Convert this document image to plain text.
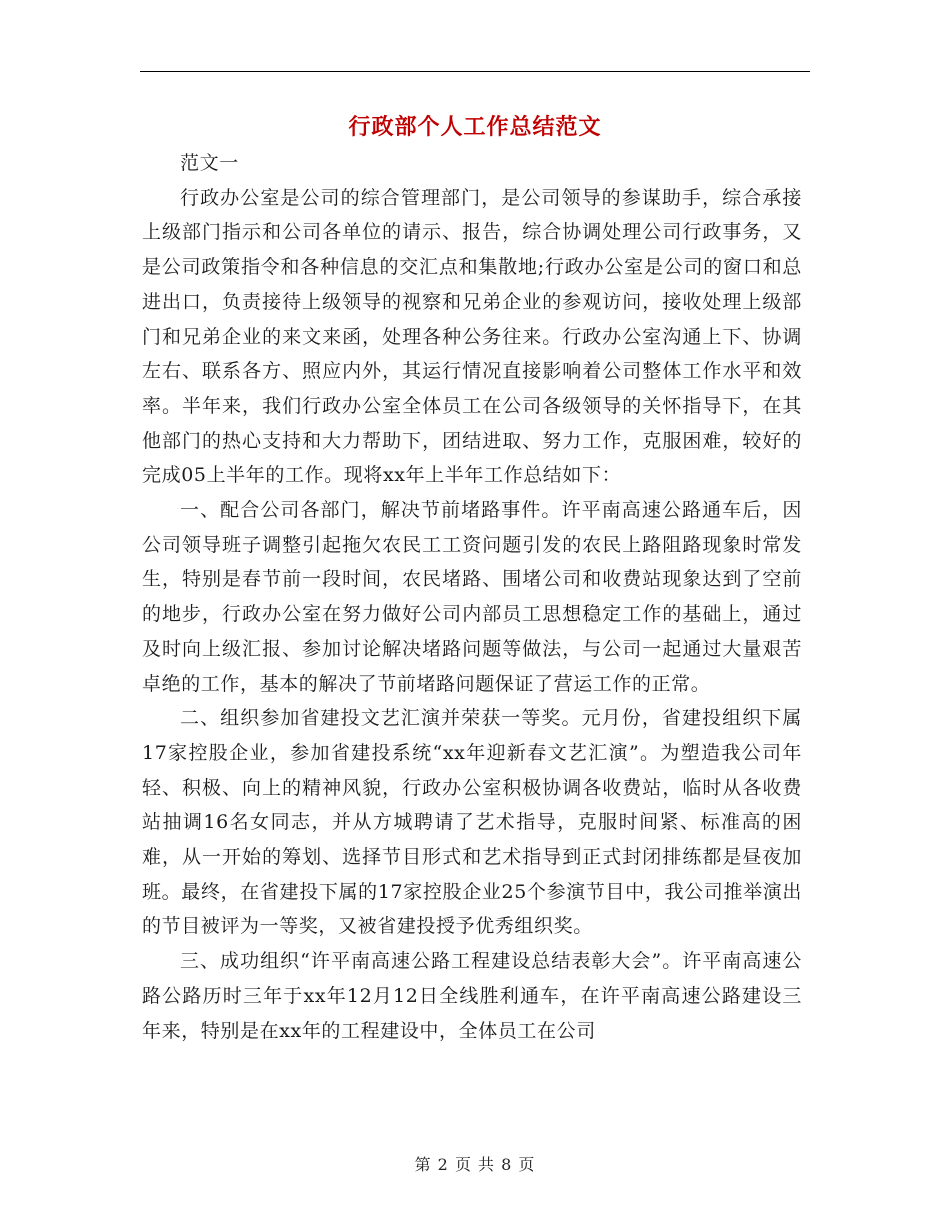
行政部个人工作总结范文

范文一

行政办公室是公司的综合管理部门，是公司领导的参谋助手，综合承接上级部门指示和公司各单位的请示、报告，综合协调处理公司行政事务，又是公司政策指令和各种信息的交汇点和集散地;行政办公室是公司的窗口和总进出口，负责接待上级领导的视察和兄弟企业的参观访问，接收处理上级部门和兄弟企业的来文来函，处理各种公务往来。行政办公室沟通上下、协调左右、联系各方、照应内外，其运行情况直接影响着公司整体工作水平和效率。半年来，我们行政办公室全体员工在公司各级领导的关怀指导下，在其他部门的热心支持和大力帮助下，团结进取、努力工作，克服困难，较好的完成05上半年的工作。现将xx年上半年工作总结如下：

一、配合公司各部门，解决节前堵路事件。许平南高速公路通车后，因公司领导班子调整引起拖欠农民工工资问题引发的农民上路阻路现象时常发生，特别是春节前一段时间，农民堵路、围堵公司和收费站现象达到了空前的地步，行政办公室在努力做好公司内部员工思想稳定工作的基础上，通过及时向上级汇报、参加讨论解决堵路问题等做法，与公司一起通过大量艰苦卓绝的工作，基本的解决了节前堵路问题保证了营运工作的正常。

二、组织参加省建投文艺汇演并荣获一等奖。元月份，省建投组织下属17家控股企业，参加省建投系统“xx年迎新春文艺汇演”。为塑造我公司年轻、积极、向上的精神风貌，行政办公室积极协调各收费站，临时从各收费站抽调16名女同志，并从方城聘请了艺术指导，克服时间紧、标准高的困难，从一开始的筹划、选择节目形式和艺术指导到正式封闭排练都是昼夜加班。最终，在省建投下属的17家控股企业25个参演节目中，我公司推举演出的节目被评为一等奖，又被省建投授予优秀组织奖。

三、成功组织“许平南高速公路工程建设总结表彰大会”。许平南高速公路公路历时三年于xx年12月12日全线胜利通车，在许平南高速公路建设三年来，特别是在xx年的工程建设中，全体员工在公司

第 2 页 共 8 页
